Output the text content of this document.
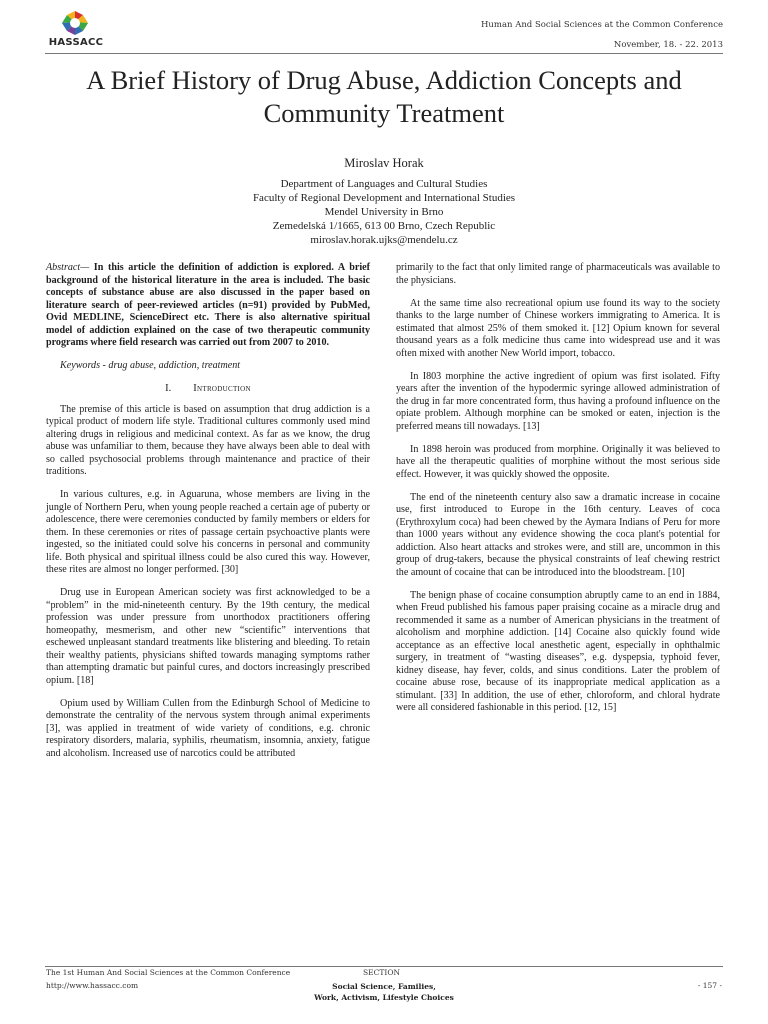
HASSACC
Human And Social Sciences at the Common Conference
November, 18. - 22. 2013
A Brief History of Drug Abuse, Addiction Concepts and Community Treatment
Miroslav Horak
Department of Languages and Cultural Studies
Faculty of Regional Development and International Studies
Mendel University in Brno
Zemedelská 1/1665, 613 00 Brno, Czech Republic
miroslav.horak.ujks@mendelu.cz

Abstract— In this article the definition of addiction is explored. A brief background of the historical literature in the area is included. The basic concepts of substance abuse are also discussed in the paper based on literature search of peer-reviewed articles (n=91) provided by PubMed, Ovid MEDLINE, ScienceDirect etc. There is also alternative spiritual model of addiction explained on the case of two therapeutic community programs where field research was carried out from 2007 to 2010.

Keywords - drug abuse, addiction, treatment

I. Introduction

The premise of this article is based on assumption that drug addiction is a typical product of modern life style. Traditional cultures commonly used mind altering drugs in religious and medicinal context. As far as we know, the drug abuse was unfamiliar to them, because they have always been able to deal with so called psychosocial problems through maintenance and practice of their traditions.

In various cultures, e.g. in Aguaruna, whose members are living in the jungle of Northern Peru, when young people reached a certain age of puberty or adolescence, there were ceremonies conducted by family members or elders for them. In these ceremonies or rites of passage certain psychoactive plants were ingested, so the initiated could solve his concerns in personal and community life. Both physical and spiritual illness could be also cured this way. However, these rites are almost no longer performed. [30]

Drug use in European American society was first acknowledged to be a “problem” in the mid-nineteenth century. By the 19th century, the medical profession was under pressure from unorthodox practitioners offering homeopathy, mesmerism, and other new “scientific” interventions that eschewed unpleasant standard treatments like blistering and bleeding. To retain their wealthy patients, physicians shifted towards managing symptoms rather than attempting dramatic but painful cures, and doctors increasingly prescribed opium. [18]

Opium used by William Cullen from the Edinburgh School of Medicine to demonstrate the centrality of the nervous system through animal experiments [3], was applied in treatment of wide variety of conditions, e.g. chronic respiratory disorders, malaria, syphilis, rheumatism, insomnia, anxiety, fatigue and alcoholism. Increased use of narcotics could be attributed

primarily to the fact that only limited range of pharmaceuticals was available to the physicians.

At the same time also recreational opium use found its way to the society thanks to the large number of Chinese workers immigrating to America. It is estimated that almost 25% of them smoked it. [12] Opium known for several thousand years as a folk medicine thus came into widespread use and it was often mixed with another New World import, tobacco.

In I803 morphine the active ingredient of opium was first isolated. Fifty years after the invention of the hypodermic syringe allowed administration of the drug in far more concentrated form, thus having a profound influence on the opiate problem. Although morphine can be smoked or eaten, injection is the preferred means till nowadays. [13]

In 1898 heroin was produced from morphine. Originally it was believed to have all the therapeutic qualities of morphine without the most serious side effect. However, it was quickly showed the opposite.

The end of the nineteenth century also saw a dramatic increase in cocaine use, first introduced to Europe in the 16th century. Leaves of coca (Erythroxylum coca) had been chewed by the Aymara Indians of Peru for more than 1000 years without any evidence showing the coca plant's potential for addiction. Also heart attacks and strokes were, and still are, uncommon in this group of drug-takers, because the physical constraints of leaf chewing restrict the amount of cocaine that can be introduced into the bloodstream. [10]

The benign phase of cocaine consumption abruptly came to an end in 1884, when Freud published his famous paper praising cocaine as a miracle drug and recommended it same as a number of American physicians in the treatment of alcoholism and morphine addiction. [14] Cocaine also quickly found wide acceptance as an effective local anesthetic agent, especially in ophthalmic surgery, in treatment of “wasting diseases”, e.g. dyspepsia, typhoid fever, kidney disease, hay fever, colds, and sinus conditions. Later the problem of cocaine abuse rose, because of its inappropriate medical application as a stimulant. [33] In addition, the use of ether, chloroform, and chloral hydrate were all considered fashionable in this period. [12, 15]

The 1st Human And Social Sciences at the Common Conference
http://www.hassacc.com
SECTION
Social Science, Families,
Work, Activism, Lifestyle Choices
- 157 -
